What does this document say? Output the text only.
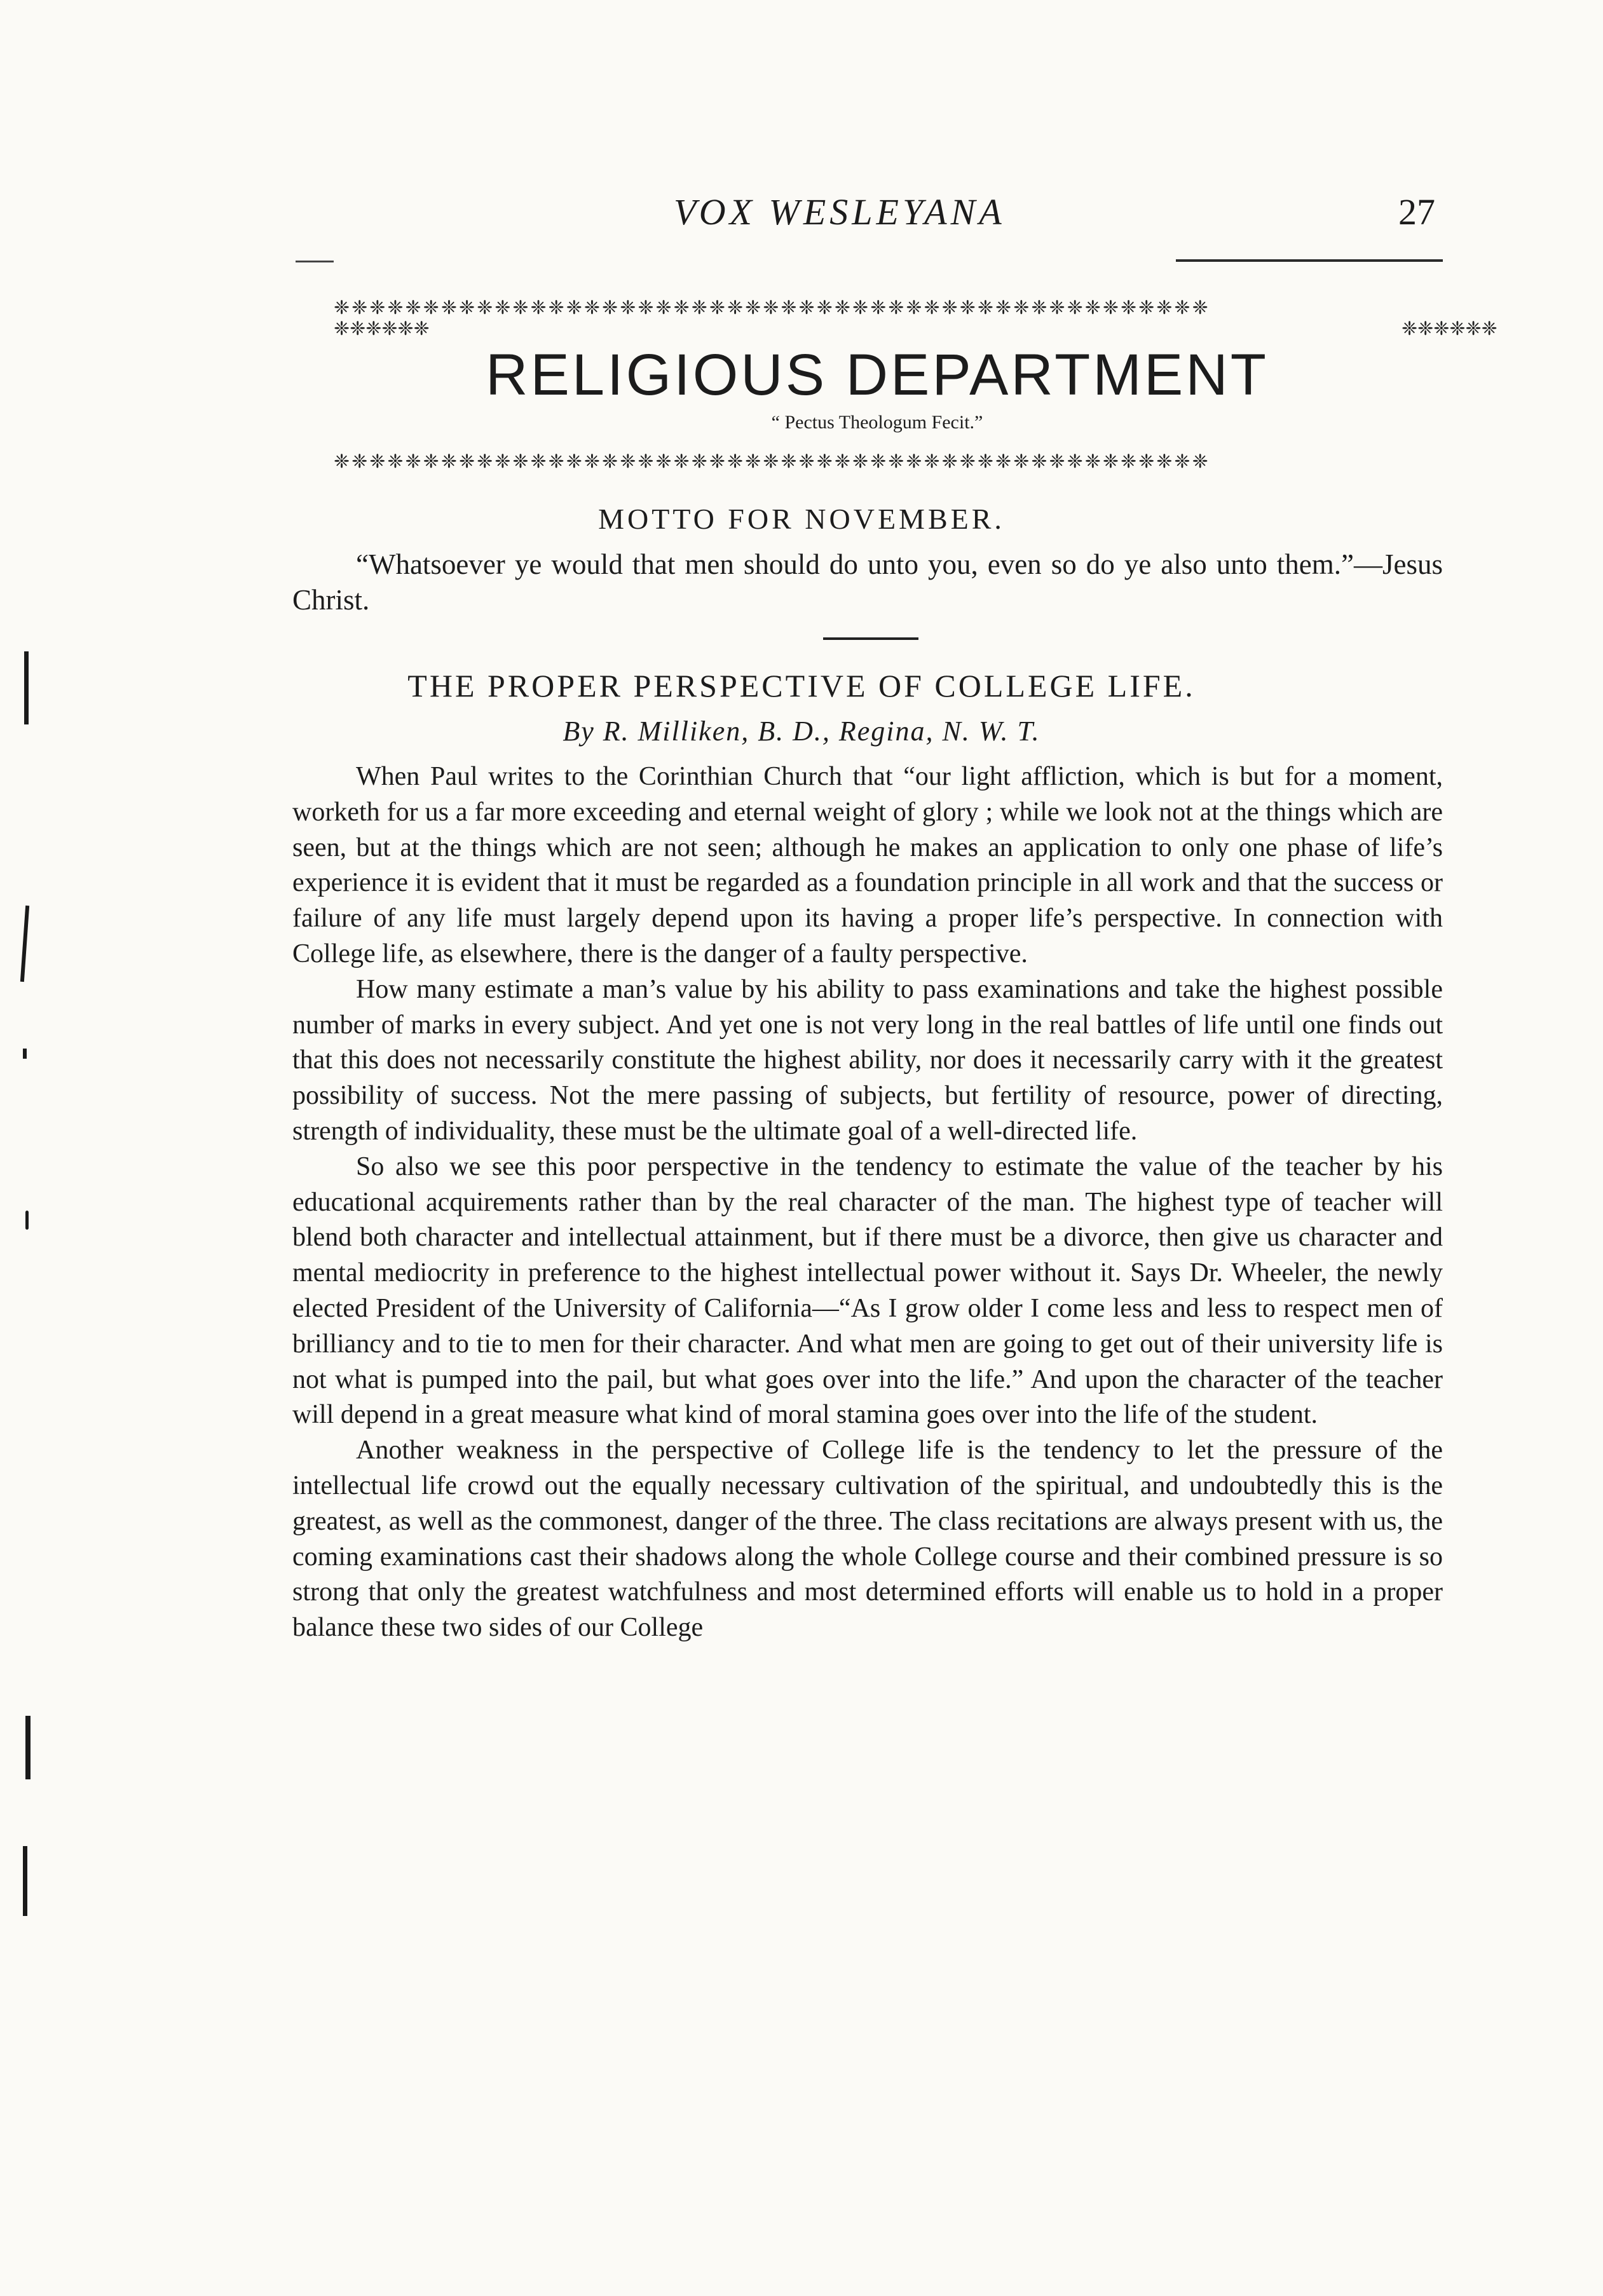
VOX WESLEYANA	27
❈❈❈❈❈❈❈❈❈❈❈❈❈❈❈❈❈❈❈❈❈❈❈❈❈❈❈❈❈❈❈❈❈❈❈❈❈❈❈❈❈❈❈❈❈❈❈❈❈
❈❈❈❈❈❈	❈❈❈❈❈❈
RELIGIOUS DEPARTMENT
“ Pectus Theologum Fecit.”
❈❈❈❈❈❈❈❈❈❈❈❈❈❈❈❈❈❈❈❈❈❈❈❈❈❈❈❈❈❈❈❈❈❈❈❈❈❈❈❈❈❈❈❈❈❈❈❈❈
MOTTO FOR NOVEMBER.
“Whatsoever ye would that men should do unto you, even so do ye also unto them.”—Jesus Christ.
THE PROPER PERSPECTIVE OF COLLEGE LIFE.
By R. Milliken, B. D., Regina, N. W. T.

When Paul writes to the Corinthian Church that “our light affliction, which is but for a moment, worketh for us a far more exceeding and eternal weight of glory ; while we look not at the things which are seen, but at the things which are not seen; although he makes an application to only one phase of life’s experience it is evident that it must be regarded as a foundation principle in all work and that the success or failure of any life must largely depend upon its having a proper life’s perspective. In connection with College life, as elsewhere, there is the danger of a faulty perspective.

How many estimate a man’s value by his ability to pass examinations and take the highest possible number of marks in every subject. And yet one is not very long in the real battles of life until one finds out that this does not necessarily constitute the highest ability, nor does it necessarily carry with it the greatest possibility of success. Not the mere passing of subjects, but fertility of resource, power of directing, strength of individuality, these must be the ultimate goal of a well-directed life.

So also we see this poor perspective in the tendency to estimate the value of the teacher by his educational acquirements rather than by the real character of the man. The highest type of teacher will blend both character and intellectual attainment, but if there must be a divorce, then give us character and mental mediocrity in preference to the highest intellectual power without it. Says Dr. Wheeler, the newly elected President of the University of California—“As I grow older I come less and less to respect men of brilliancy and to tie to men for their character. And what men are going to get out of their university life is not what is pumped into the pail, but what goes over into the life.” And upon the character of the teacher will depend in a great measure what kind of moral stamina goes over into the life of the student.

Another weakness in the perspective of College life is the tendency to let the pressure of the intellectual life crowd out the equally necessary cultivation of the spiritual, and undoubtedly this is the greatest, as well as the commonest, danger of the three. The class recitations are always present with us, the coming examinations cast their shadows along the whole College course and their combined pressure is so strong that only the greatest watchfulness and most determined efforts will enable us to hold in a proper balance these two sides of our College
